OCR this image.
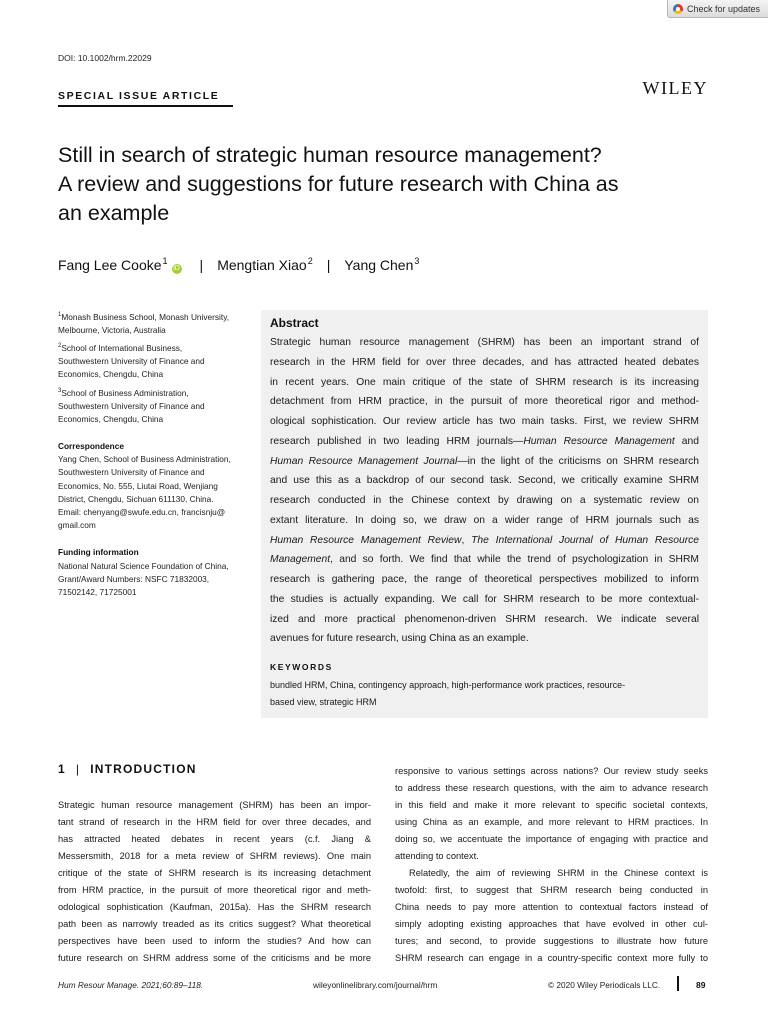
Check for updates
DOI: 10.1002/hrm.22029
SPECIAL ISSUE ARTICLE	WILEY
Still in search of strategic human resource management?
A review and suggestions for future research with China as
an example
Fang Lee Cooke$^1$
iD | Mengtian Xiao$^2$ | Yang Chen$^3$
$^1$Monash Business School, Monash University,
Melbourne, Victoria, Australia
$^2$School of International Business,
Southwestern University of Finance and
Economics, Chengdu, China
$^3$School of Business Administration,
Southwestern University of Finance and
Economics, Chengdu, China
Correspondence
Yang Chen, School of Business Administration,
Southwestern University of Finance and
Economics, No. 555, Liutai Road, Wenjiang
District, Chengdu, Sichuan 611130, China.
Email: chenyang@swufe.edu.cn, francisnju@
gmail.com
Funding information
National Natural Science Foundation of China,
Grant/Award Numbers: NSFC 71832003,
71502142, 71725001
Abstract
Strategic human resource management (SHRM) has been an important strand of
research in the HRM field for over three decades, and has attracted heated debates
in recent years. One main critique of the state of SHRM research is its increasing
detachment from HRM practice, in the pursuit of more theoretical rigor and method-
ological sophistication. Our review article has two main tasks. First, we review SHRM
research published in two leading HRM journals—Human Resource Management and
Human Resource Management Journal—in the light of the criticisms on SHRM research
and use this as a backdrop of our second task. Second, we critically examine SHRM
research conducted in the Chinese context by drawing on a systematic review on
extant literature. In doing so, we draw on a wider range of HRM journals such as
Human Resource Management Review, The International Journal of Human Resource
Management, and so forth. We find that while the trend of psychologization in SHRM
research is gathering pace, the range of theoretical perspectives mobilized to inform
the studies is actually expanding. We call for SHRM research to be more contextual-
ized and more practical phenomenon-driven SHRM research. We indicate several
avenues for future research, using China as an example.
KEYWORDS
bundled HRM, China, contingency approach, high-performance work practices, resource-
based view, strategic HRM
1 | INTRODUCTION
Strategic human resource management (SHRM) has been an impor-
tant strand of research in the HRM field for over three decades, and
has attracted heated debates in recent years (c.f. Jiang &
Messersmith, 2018 for a meta review of SHRM reviews). One main
critique of the state of SHRM research is its increasing detachment
from HRM practice, in the pursuit of more theoretical rigor and meth-
odological sophistication (Kaufman, 2015a). Has the SHRM research
path been as narrowly treaded as its critics suggest? What theoretical
perspectives have been used to inform the studies? And how can
future research on SHRM address some of the criticisms and be more
responsive to various settings across nations? Our review study seeks
to address these research questions, with the aim to advance research
in this field and make it more relevant to specific societal contexts,
using China as an example, and more relevant to HRM practices. In
doing so, we accentuate the importance of engaging with practice and
attending to context.
Relatedly, the aim of reviewing SHRM in the Chinese context is
twofold: first, to suggest that SHRM research being conducted in
China needs to pay more attention to contextual factors instead of
simply adopting existing approaches that have evolved in other cul-
tures; and second, to provide suggestions to illustrate how future
SHRM research can engage in a country-specific context more fully to
Hum Resour Manage. 2021;60:89–118.	wileyonlinelibrary.com/journal/hrm	© 2020 Wiley Periodicals LLC.	89
